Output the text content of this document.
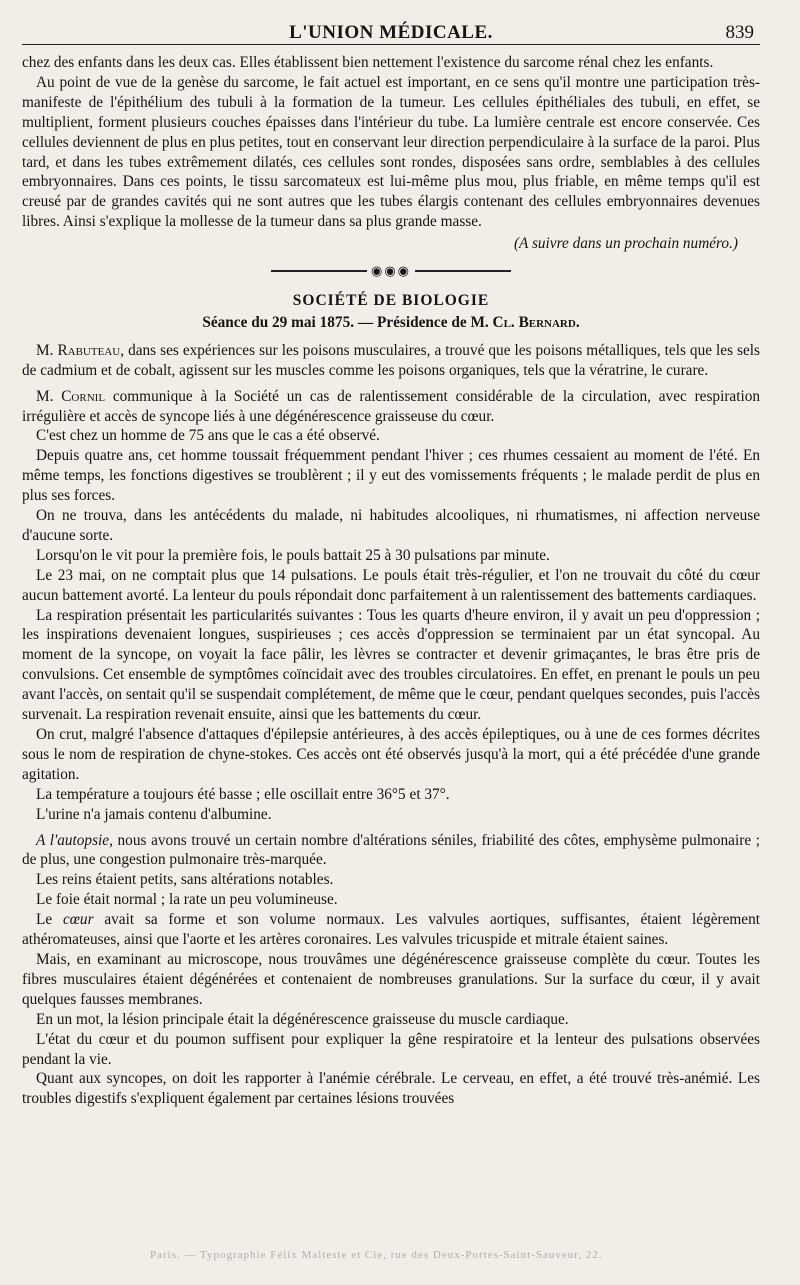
L'UNION MÉDICALE.	839

chez des enfants dans les deux cas. Elles établissent bien nettement l'existence du sarcome rénal chez les enfants.

Au point de vue de la genèse du sarcome, le fait actuel est important, en ce sens qu'il montre une participation très-manifeste de l'épithélium des tubuli à la formation de la tumeur. Les cellules épithéliales des tubuli, en effet, se multiplient, forment plusieurs couches épaisses dans l'intérieur du tube. La lumière centrale est encore conservée. Ces cellules deviennent de plus en plus petites, tout en conservant leur direction perpendiculaire à la surface de la paroi. Plus tard, et dans les tubes extrêmement dilatés, ces cellules sont rondes, disposées sans ordre, semblables à des cellules embryonnaires. Dans ces points, le tissu sarcomateux est lui-même plus mou, plus friable, en même temps qu'il est creusé par de grandes cavités qui ne sont autres que les tubes élargis contenant des cellules embryonnaires devenues libres. Ainsi s'explique la mollesse de la tumeur dans sa plus grande masse.

(A suivre dans un prochain numéro.)
◉◉◉
SOCIÉTÉ DE BIOLOGIE
Séance du 29 mai 1875. — Présidence de M. Cl. Bernard.

M. Rabuteau, dans ses expériences sur les poisons musculaires, a trouvé que les poisons métalliques, tels que les sels de cadmium et de cobalt, agissent sur les muscles comme les poisons organiques, tels que la vératrine, le curare.

M. Cornil communique à la Société un cas de ralentissement considérable de la circulation, avec respiration irrégulière et accès de syncope liés à une dégénérescence graisseuse du cœur.

C'est chez un homme de 75 ans que le cas a été observé.

Depuis quatre ans, cet homme toussait fréquemment pendant l'hiver ; ces rhumes cessaient au moment de l'été. En même temps, les fonctions digestives se troublèrent ; il y eut des vomissements fréquents ; le malade perdit de plus en plus ses forces.

On ne trouva, dans les antécédents du malade, ni habitudes alcooliques, ni rhumatismes, ni affection nerveuse d'aucune sorte.

Lorsqu'on le vit pour la première fois, le pouls battait 25 à 30 pulsations par minute.

Le 23 mai, on ne comptait plus que 14 pulsations. Le pouls était très-régulier, et l'on ne trouvait du côté du cœur aucun battement avorté. La lenteur du pouls répondait donc parfaitement à un ralentissement des battements cardiaques.

La respiration présentait les particularités suivantes : Tous les quarts d'heure environ, il y avait un peu d'oppression ; les inspirations devenaient longues, suspirieuses ; ces accès d'oppression se terminaient par un état syncopal. Au moment de la syncope, on voyait la face pâlir, les lèvres se contracter et devenir grimaçantes, le bras être pris de convulsions. Cet ensemble de symptômes coïncidait avec des troubles circulatoires. En effet, en prenant le pouls un peu avant l'accès, on sentait qu'il se suspendait complétement, de même que le cœur, pendant quelques secondes, puis l'accès survenait. La respiration revenait ensuite, ainsi que les battements du cœur.

On crut, malgré l'absence d'attaques d'épilepsie antérieures, à des accès épileptiques, ou à une de ces formes décrites sous le nom de respiration de chyne-stokes. Ces accès ont été observés jusqu'à la mort, qui a été précédée d'une grande agitation.

La température a toujours été basse ; elle oscillait entre 36°5 et 37°.

L'urine n'a jamais contenu d'albumine.

A l'autopsie, nous avons trouvé un certain nombre d'altérations séniles, friabilité des côtes, emphysème pulmonaire ; de plus, une congestion pulmonaire très-marquée.

Les reins étaient petits, sans altérations notables.

Le foie était normal ; la rate un peu volumineuse.

Le cœur avait sa forme et son volume normaux. Les valvules aortiques, suffisantes, étaient légèrement athéromateuses, ainsi que l'aorte et les artères coronaires. Les valvules tricuspide et mitrale étaient saines.

Mais, en examinant au microscope, nous trouvâmes une dégénérescence graisseuse complète du cœur. Toutes les fibres musculaires étaient dégénérées et contenaient de nombreuses granulations. Sur la surface du cœur, il y avait quelques fausses membranes.

En un mot, la lésion principale était la dégénérescence graisseuse du muscle cardiaque.

L'état du cœur et du poumon suffisent pour expliquer la gêne respiratoire et la lenteur des pulsations observées pendant la vie.

Quant aux syncopes, on doit les rapporter à l'anémie cérébrale. Le cerveau, en effet, a été trouvé très-anémié. Les troubles digestifs s'expliquent également par certaines lésions trouvées

Paris. — Typographie Félix Malteste et Cie, rue des Deux-Portes-Saint-Sauveur, 22.
